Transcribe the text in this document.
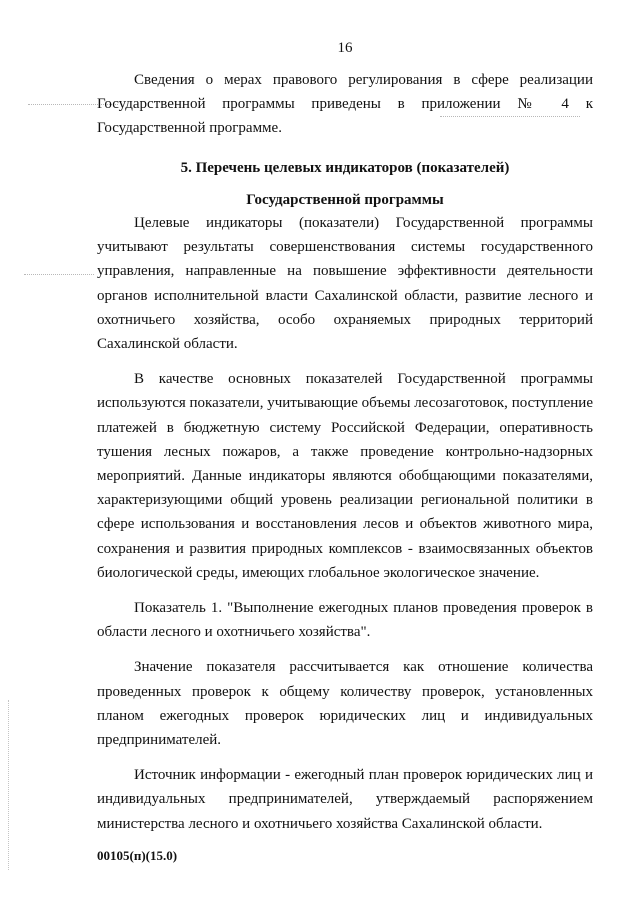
16

Сведения о мерах правового регулирования в сфере реализации Государственной программы приведены в приложении № 4 к Государственной программе.

5. Перечень целевых индикаторов (показателей)

Государственной программы

Целевые индикаторы (показатели) Государственной программы учитывают результаты совершенствования системы государственного управления, направленные на повышение эффективности деятельности органов исполнительной власти Сахалинской области, развитие лесного и охотничьего хозяйства, особо охраняемых природных территорий Сахалинской области.

В качестве основных показателей Государственной программы используются показатели, учитывающие объемы лесозаготовок, поступление платежей в бюджетную систему Российской Федерации, оперативность тушения лесных пожаров, а также проведение контрольно-надзорных мероприятий. Данные индикаторы являются обобщающими показателями, характеризующими общий уровень реализации региональной политики в сфере использования и восстановления лесов и объектов животного мира, сохранения и развития природных комплексов - взаимосвязанных объектов биологической среды, имеющих глобальное экологическое значение.

Показатель 1. "Выполнение ежегодных планов проведения проверок в области лесного и охотничьего хозяйства".

Значение показателя рассчитывается как отношение количества проведенных проверок к общему количеству проверок, установленных планом ежегодных проверок юридических лиц и индивидуальных предпринимателей.

Источник информации - ежегодный план проверок юридических лиц и индивидуальных предпринимателей, утверждаемый распоряжением министерства лесного и охотничьего хозяйства Сахалинской области.

00105(п)(15.0)
